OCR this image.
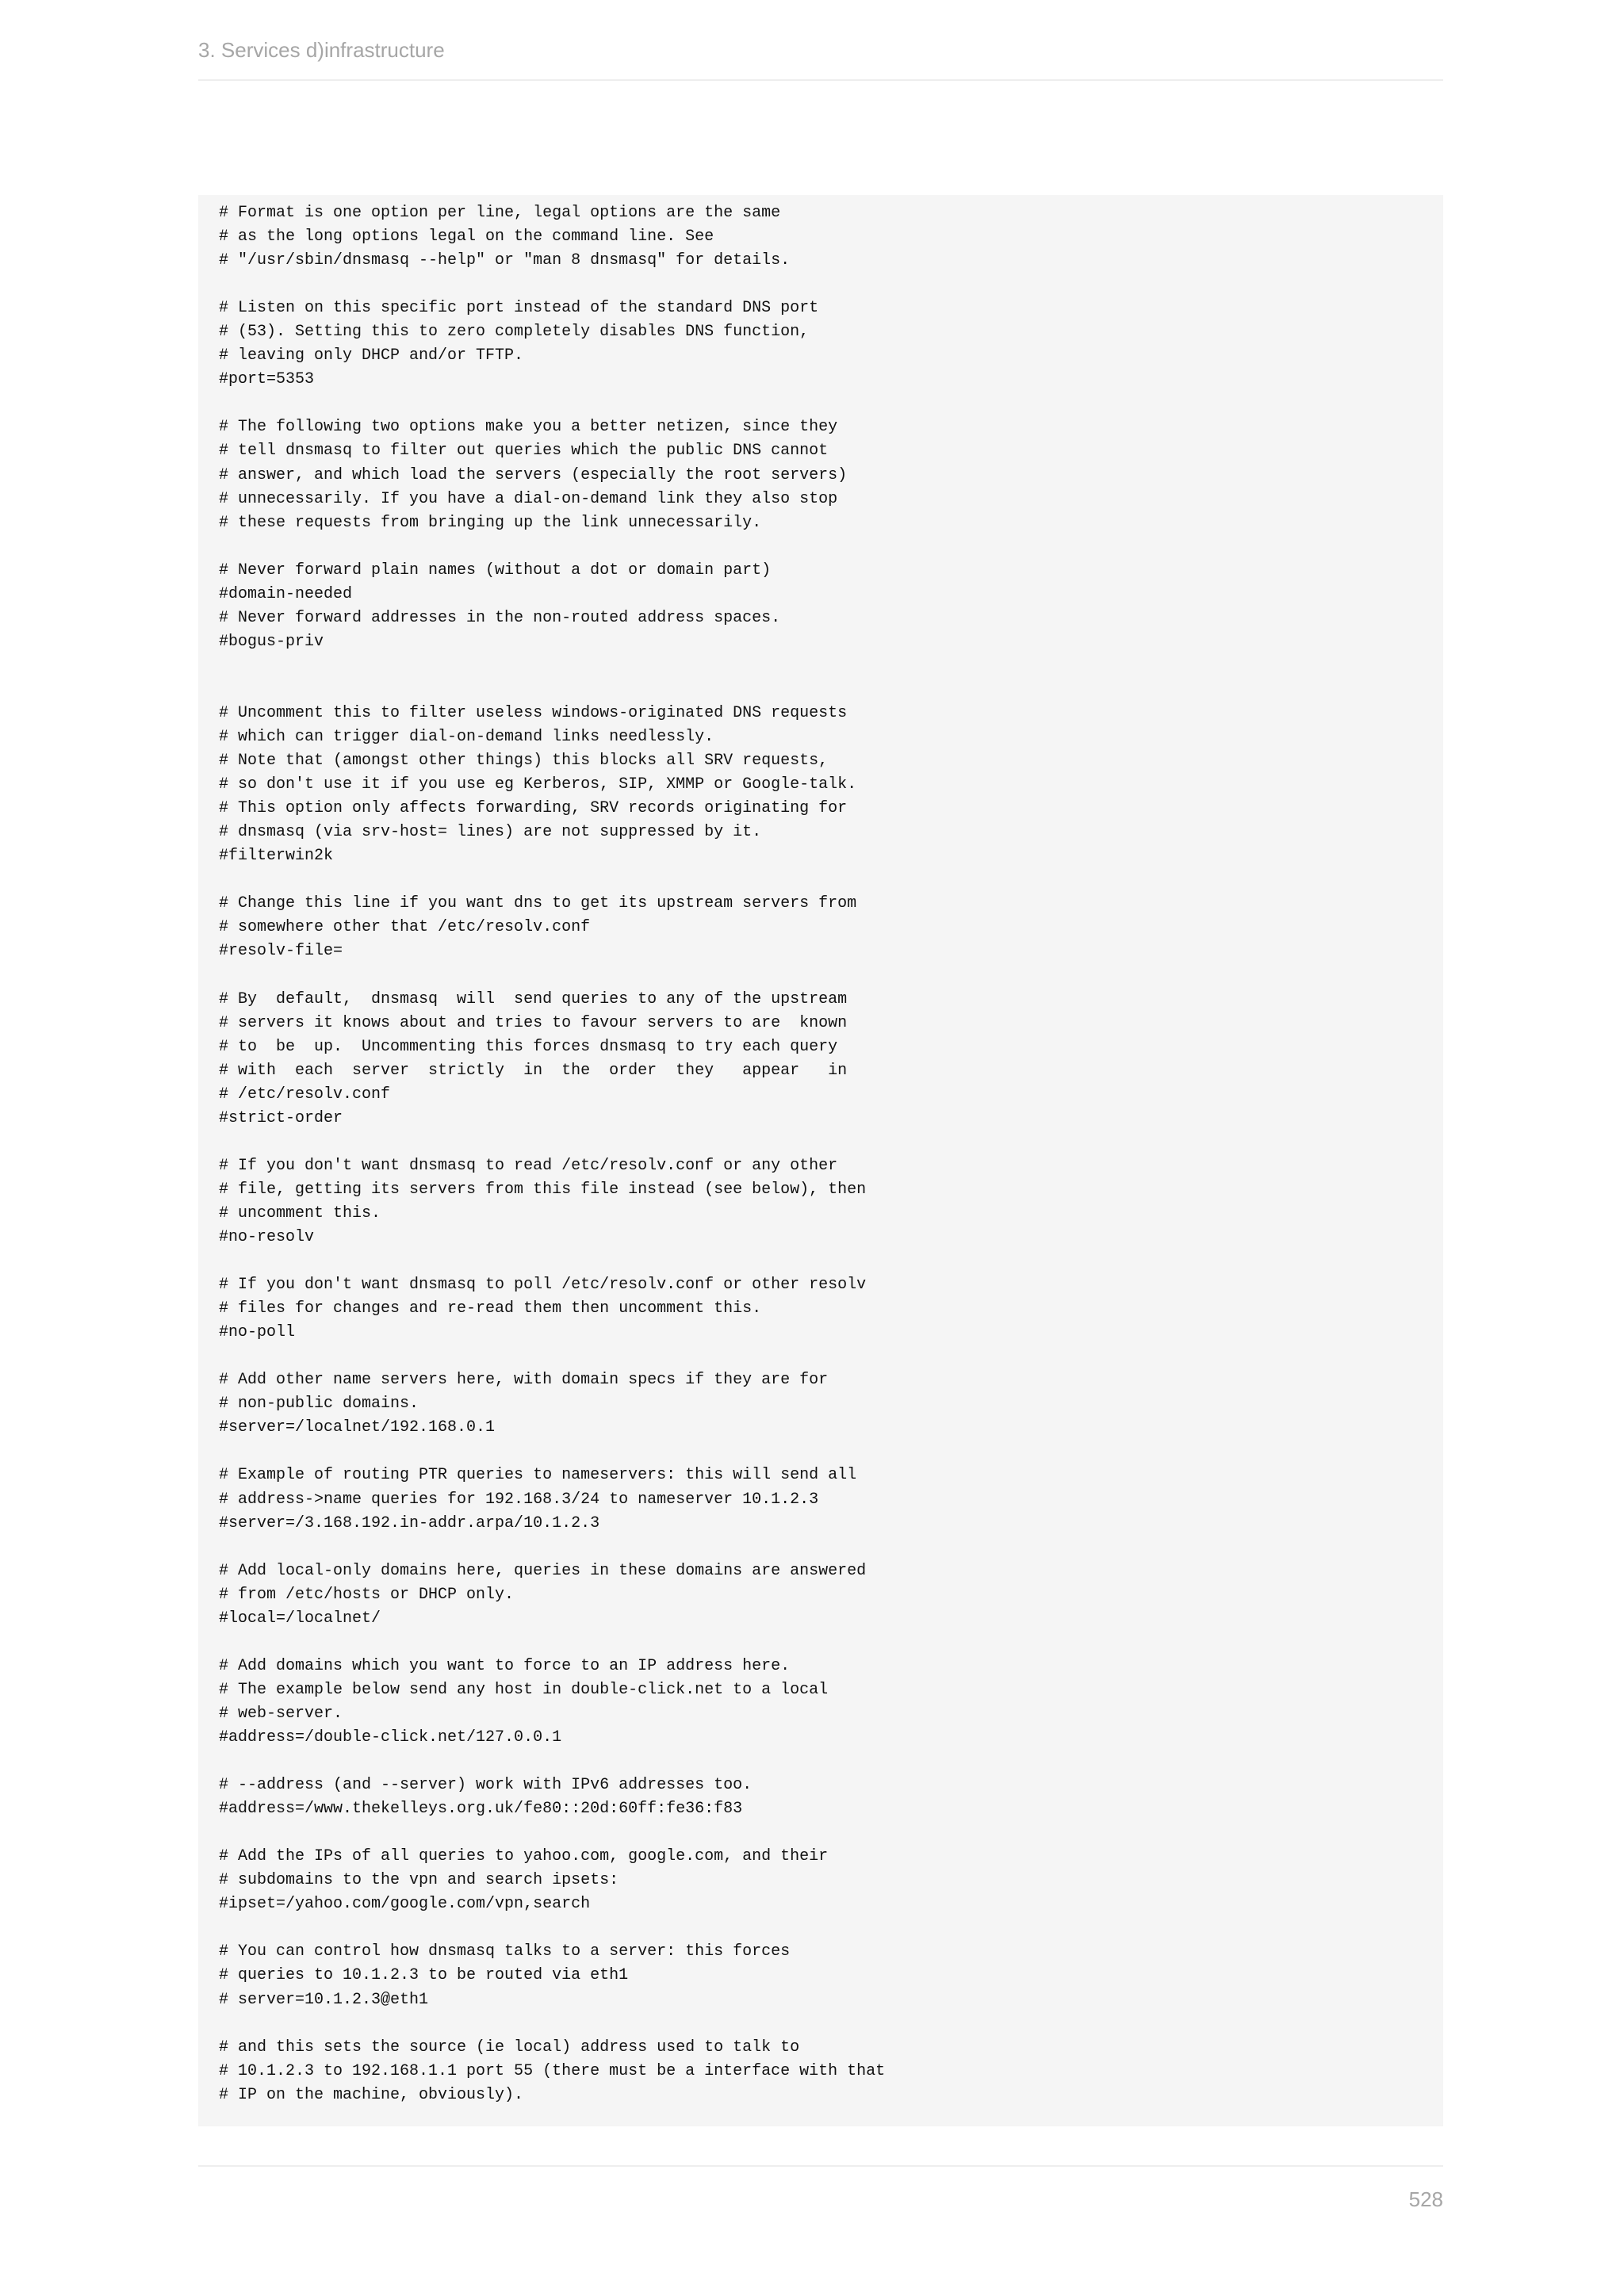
3. Services d)infrastructure
# Format is one option per line, legal options are the same
# as the long options legal on the command line. See
# "/usr/sbin/dnsmasq --help" or "man 8 dnsmasq" for details.
# Listen on this specific port instead of the standard DNS port
# (53). Setting this to zero completely disables DNS function,
# leaving only DHCP and/or TFTP.
#port=5353
# The following two options make you a better netizen, since they
# tell dnsmasq to filter out queries which the public DNS cannot
# answer, and which load the servers (especially the root servers)
# unnecessarily. If you have a dial-on-demand link they also stop
# these requests from bringing up the link unnecessarily.
# Never forward plain names (without a dot or domain part)
#domain-needed
# Never forward addresses in the non-routed address spaces.
#bogus-priv
# Uncomment this to filter useless windows-originated DNS requests
# which can trigger dial-on-demand links needlessly.
# Note that (amongst other things) this blocks all SRV requests,
# so don't use it if you use eg Kerberos, SIP, XMMP or Google-talk.
# This option only affects forwarding, SRV records originating for
# dnsmasq (via srv-host= lines) are not suppressed by it.
#filterwin2k
# Change this line if you want dns to get its upstream servers from
# somewhere other that /etc/resolv.conf
#resolv-file=
# By  default,  dnsmasq  will  send queries to any of the upstream
# servers it knows about and tries to favour servers to are  known
# to  be  up.  Uncommenting this forces dnsmasq to try each query
# with  each  server  strictly  in  the  order  they   appear   in
# /etc/resolv.conf
#strict-order
# If you don't want dnsmasq to read /etc/resolv.conf or any other
# file, getting its servers from this file instead (see below), then
# uncomment this.
#no-resolv
# If you don't want dnsmasq to poll /etc/resolv.conf or other resolv
# files for changes and re-read them then uncomment this.
#no-poll
# Add other name servers here, with domain specs if they are for
# non-public domains.
#server=/localnet/192.168.0.1
# Example of routing PTR queries to nameservers: this will send all
# address->name queries for 192.168.3/24 to nameserver 10.1.2.3
#server=/3.168.192.in-addr.arpa/10.1.2.3
# Add local-only domains here, queries in these domains are answered
# from /etc/hosts or DHCP only.
#local=/localnet/
# Add domains which you want to force to an IP address here.
# The example below send any host in double-click.net to a local
# web-server.
#address=/double-click.net/127.0.0.1
# --address (and --server) work with IPv6 addresses too.
#address=/www.thekelleys.org.uk/fe80::20d:60ff:fe36:f83
# Add the IPs of all queries to yahoo.com, google.com, and their
# subdomains to the vpn and search ipsets:
#ipset=/yahoo.com/google.com/vpn,search
# You can control how dnsmasq talks to a server: this forces
# queries to 10.1.2.3 to be routed via eth1
# server=10.1.2.3@eth1
# and this sets the source (ie local) address used to talk to
# 10.1.2.3 to 192.168.1.1 port 55 (there must be a interface with that
# IP on the machine, obviously).
528
